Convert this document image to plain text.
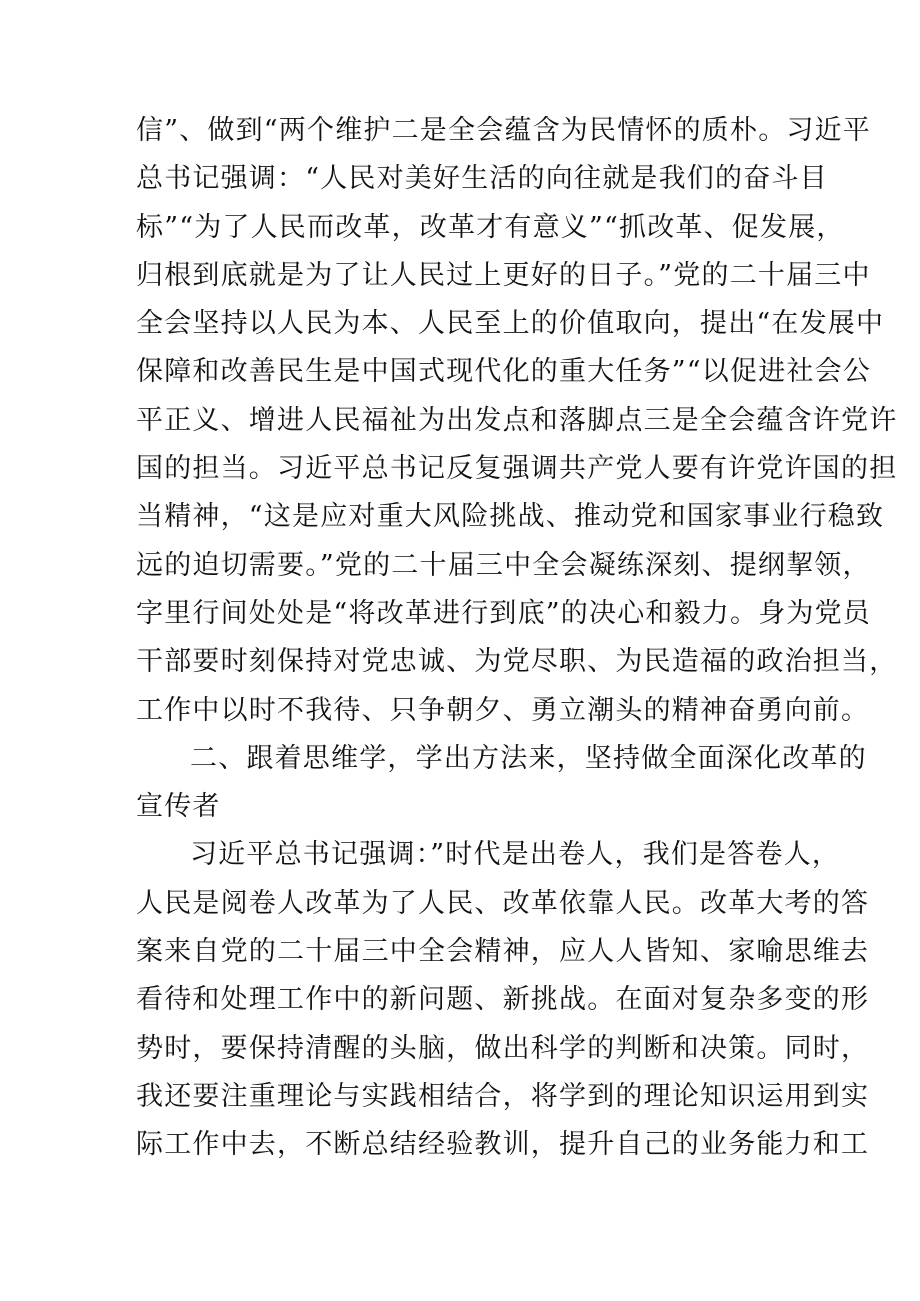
信”、做到“两个维护二是全会蕴含为民情怀的质朴。习近平
总书记强调：“人民对美好生活的向往就是我们的奋斗目
标”“为了人民而改革，改革才有意义”“抓改革、促发展，
归根到底就是为了让人民过上更好的日子。”党的二十届三中
全会坚持以人民为本、人民至上的价值取向，提出“在发展中
保障和改善民生是中国式现代化的重大任务”“以促进社会公
平正义、增进人民福祉为出发点和落脚点三是全会蕴含许党许
国的担当。习近平总书记反复强调共产党人要有许党许国的担
当精神，“这是应对重大风险挑战、推动党和国家事业行稳致
远的迫切需要。”党的二十届三中全会凝练深刻、提纲挈领，
字里行间处处是“将改革进行到底”的决心和毅力。身为党员
干部要时刻保持对党忠诚、为党尽职、为民造福的政治担当，
工作中以时不我待、只争朝夕、勇立潮头的精神奋勇向前。
二、跟着思维学，学出方法来，坚持做全面深化改革的
宣传者
习近平总书记强调：”时代是出卷人，我们是答卷人，
人民是阅卷人改革为了人民、改革依靠人民。改革大考的答
案来自党的二十届三中全会精神，应人人皆知、家喻思维去
看待和处理工作中的新问题、新挑战。在面对复杂多变的形
势时，要保持清醒的头脑，做出科学的判断和决策。同时，
我还要注重理论与实践相结合，将学到的理论知识运用到实
际工作中去，不断总结经验教训，提升自己的业务能力和工
